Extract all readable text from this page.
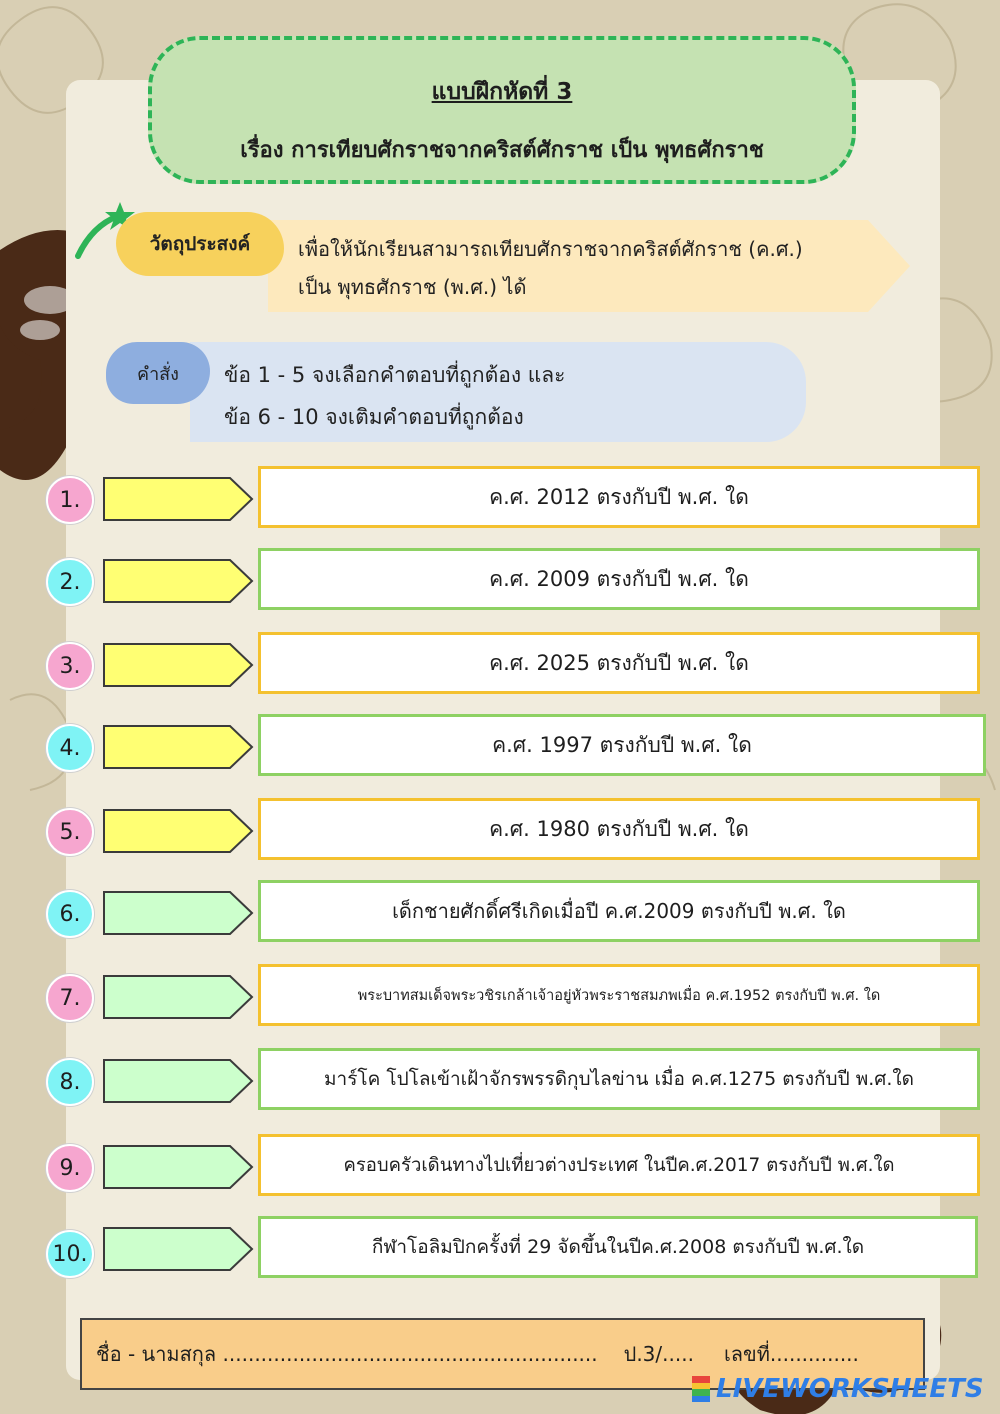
แบบฝึกหัดที่ 3
เรื่อง การเทียบศักราชจากคริสต์ศักราช เป็น พุทธศักราช
วัตถุประสงค์	เพื่อให้นักเรียนสามารถเทียบศักราชจากคริสต์ศักราช (ค.ศ.)
เป็น พุทธศักราช (พ.ศ.) ได้
คำสั่ง	ข้อ 1 - 5 จงเลือกคำตอบที่ถูกต้อง และ
ข้อ 6 - 10 จงเติมคำตอบที่ถูกต้อง
1.	ค.ศ. 2012 ตรงกับปี พ.ศ. ใด
2.	ค.ศ. 2009 ตรงกับปี พ.ศ. ใด
3.	ค.ศ. 2025 ตรงกับปี พ.ศ. ใด
4.	ค.ศ. 1997 ตรงกับปี พ.ศ. ใด
5.	ค.ศ. 1980 ตรงกับปี พ.ศ. ใด
6.	เด็กชายศักดิ์ศรีเกิดเมื่อปี ค.ศ.2009 ตรงกับปี พ.ศ. ใด
7.	พระบาทสมเด็จพระวชิรเกล้าเจ้าอยู่หัวพระราชสมภพเมื่อ ค.ศ.1952 ตรงกับปี พ.ศ. ใด
8.	มาร์โค โปโลเข้าเฝ้าจักรพรรดิกุบไลข่าน เมื่อ ค.ศ.1275 ตรงกับปี พ.ศ.ใด
9.	ครอบครัวเดินทางไปเที่ยวต่างประเทศ ในปีค.ศ.2017 ตรงกับปี พ.ศ.ใด
10.	กีฬาโอลิมปิกครั้งที่ 29 จัดขึ้นในปีค.ศ.2008 ตรงกับปี พ.ศ.ใด
ชื่อ - นามสกุล ........................................................... ป.3/..... เลขที่..............
LIVEWORKSHEETS
